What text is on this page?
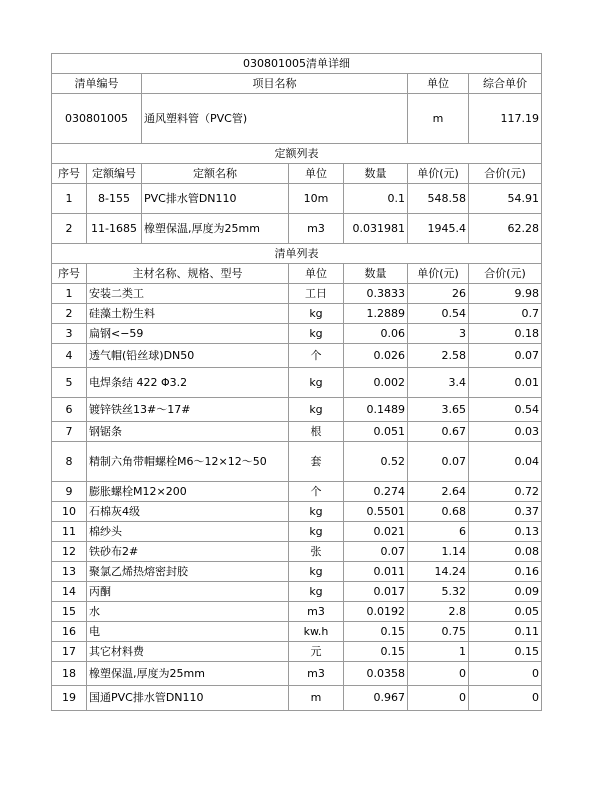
030801005清单详细						
清单编号		项目名称			单位	综合单价
030801005		通风塑料管（PVC管)			m	117.19
定额列表						
序号	定额编号	定额名称	单位	数量	单价(元)	合价(元)
1	8-155	PVC排水管DN110	10m	0.1	548.58	54.91
2	11-1685	橡塑保温,厚度为25mm	m3	0.031981	1945.4	62.28
清单列表						
序号	主材名称、规格、型号		单位	数量	单价(元)	合价(元)
1	安装二类工		工日	0.3833	26	9.98
2	硅藻土粉生料		kg	1.2889	0.54	0.7
3	扁钢<−59		kg	0.06	3	0.18
4	透气帽(铅丝球)DN50		个	0.026	2.58	0.07
5	电焊条结 422 Φ3.2		kg	0.002	3.4	0.01
6	镀锌铁丝13#～17#		kg	0.1489	3.65	0.54
7	钢锯条		根	0.051	0.67	0.03
8	精制六角带帽螺栓M6～12×12～50		套	0.52	0.07	0.04
9	膨胀螺栓M12×200		个	0.274	2.64	0.72
10	石棉灰4级		kg	0.5501	0.68	0.37
11	棉纱头		kg	0.021	6	0.13
12	铁砂布2#		张	0.07	1.14	0.08
13	聚氯乙烯热熔密封胶		kg	0.011	14.24	0.16
14	丙酮		kg	0.017	5.32	0.09
15	水		m3	0.0192	2.8	0.05
16	电		kw.h	0.15	0.75	0.11
17	其它材料费		元	0.15	1	0.15
18	橡塑保温,厚度为25mm		m3	0.0358	0	0
19	国通PVC排水管DN110		m	0.967	0	0
